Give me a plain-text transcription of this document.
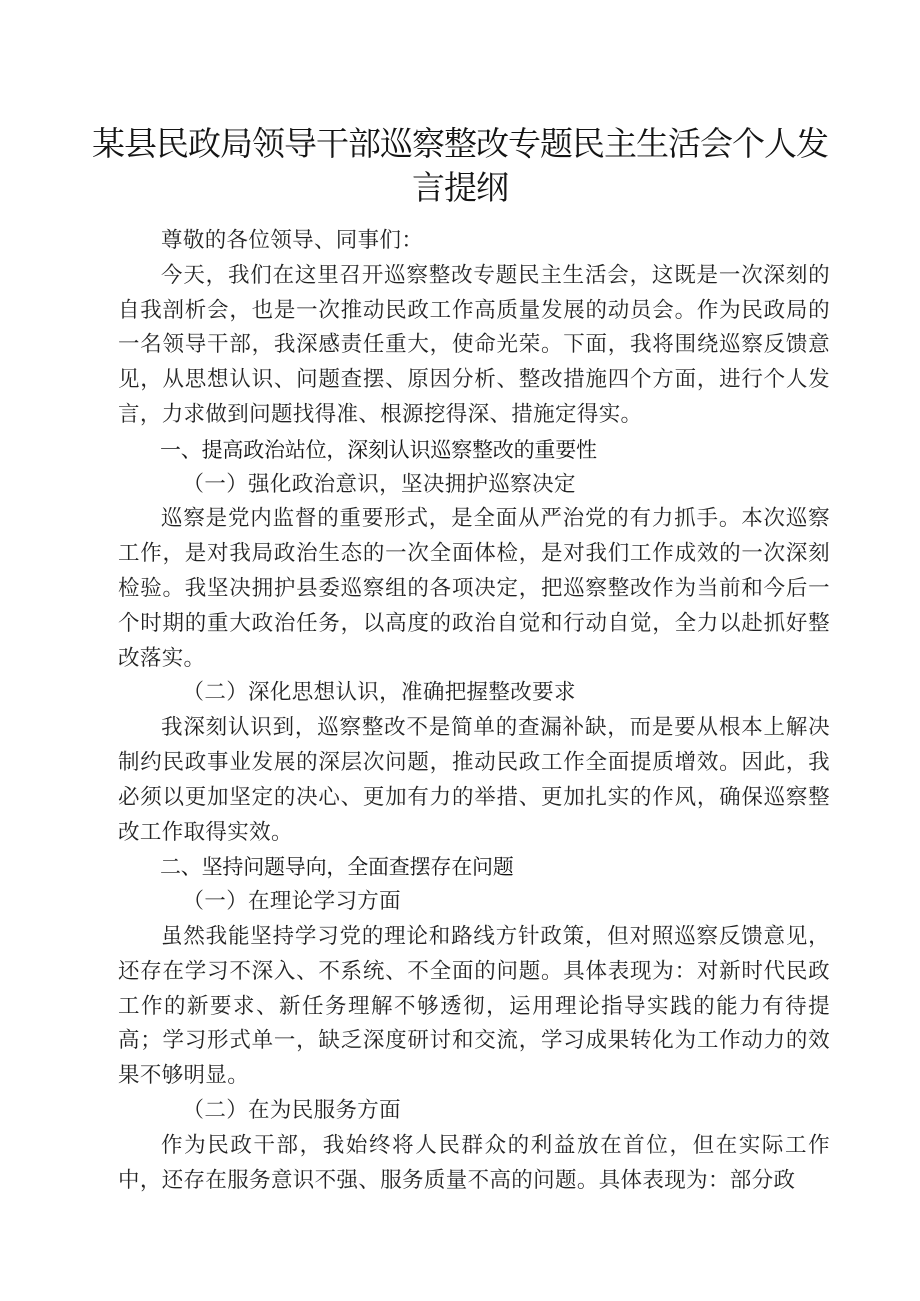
某县民政局领导干部巡察整改专题民主生活会个人发言提纲

尊敬的各位领导、同事们：

今天，我们在这里召开巡察整改专题民主生活会，这既是一次深刻的自我剖析会，也是一次推动民政工作高质量发展的动员会。作为民政局的一名领导干部，我深感责任重大，使命光荣。下面，我将围绕巡察反馈意见，从思想认识、问题查摆、原因分析、整改措施四个方面，进行个人发言，力求做到问题找得准、根源挖得深、措施定得实。

一、提高政治站位，深刻认识巡察整改的重要性

（一）强化政治意识，坚决拥护巡察决定

巡察是党内监督的重要形式，是全面从严治党的有力抓手。本次巡察工作，是对我局政治生态的一次全面体检，是对我们工作成效的一次深刻检验。我坚决拥护县委巡察组的各项决定，把巡察整改作为当前和今后一个时期的重大政治任务，以高度的政治自觉和行动自觉，全力以赴抓好整改落实。

（二）深化思想认识，准确把握整改要求

我深刻认识到，巡察整改不是简单的查漏补缺，而是要从根本上解决制约民政事业发展的深层次问题，推动民政工作全面提质增效。因此，我必须以更加坚定的决心、更加有力的举措、更加扎实的作风，确保巡察整改工作取得实效。

二、坚持问题导向，全面查摆存在问题

（一）在理论学习方面

虽然我能坚持学习党的理论和路线方针政策，但对照巡察反馈意见，还存在学习不深入、不系统、不全面的问题。具体表现为：对新时代民政工作的新要求、新任务理解不够透彻，运用理论指导实践的能力有待提高；学习形式单一，缺乏深度研讨和交流，学习成果转化为工作动力的效果不够明显。

（二）在为民服务方面

作为民政干部，我始终将人民群众的利益放在首位，但在实际工作中，还存在服务意识不强、服务质量不高的问题。具体表现为：部分政
